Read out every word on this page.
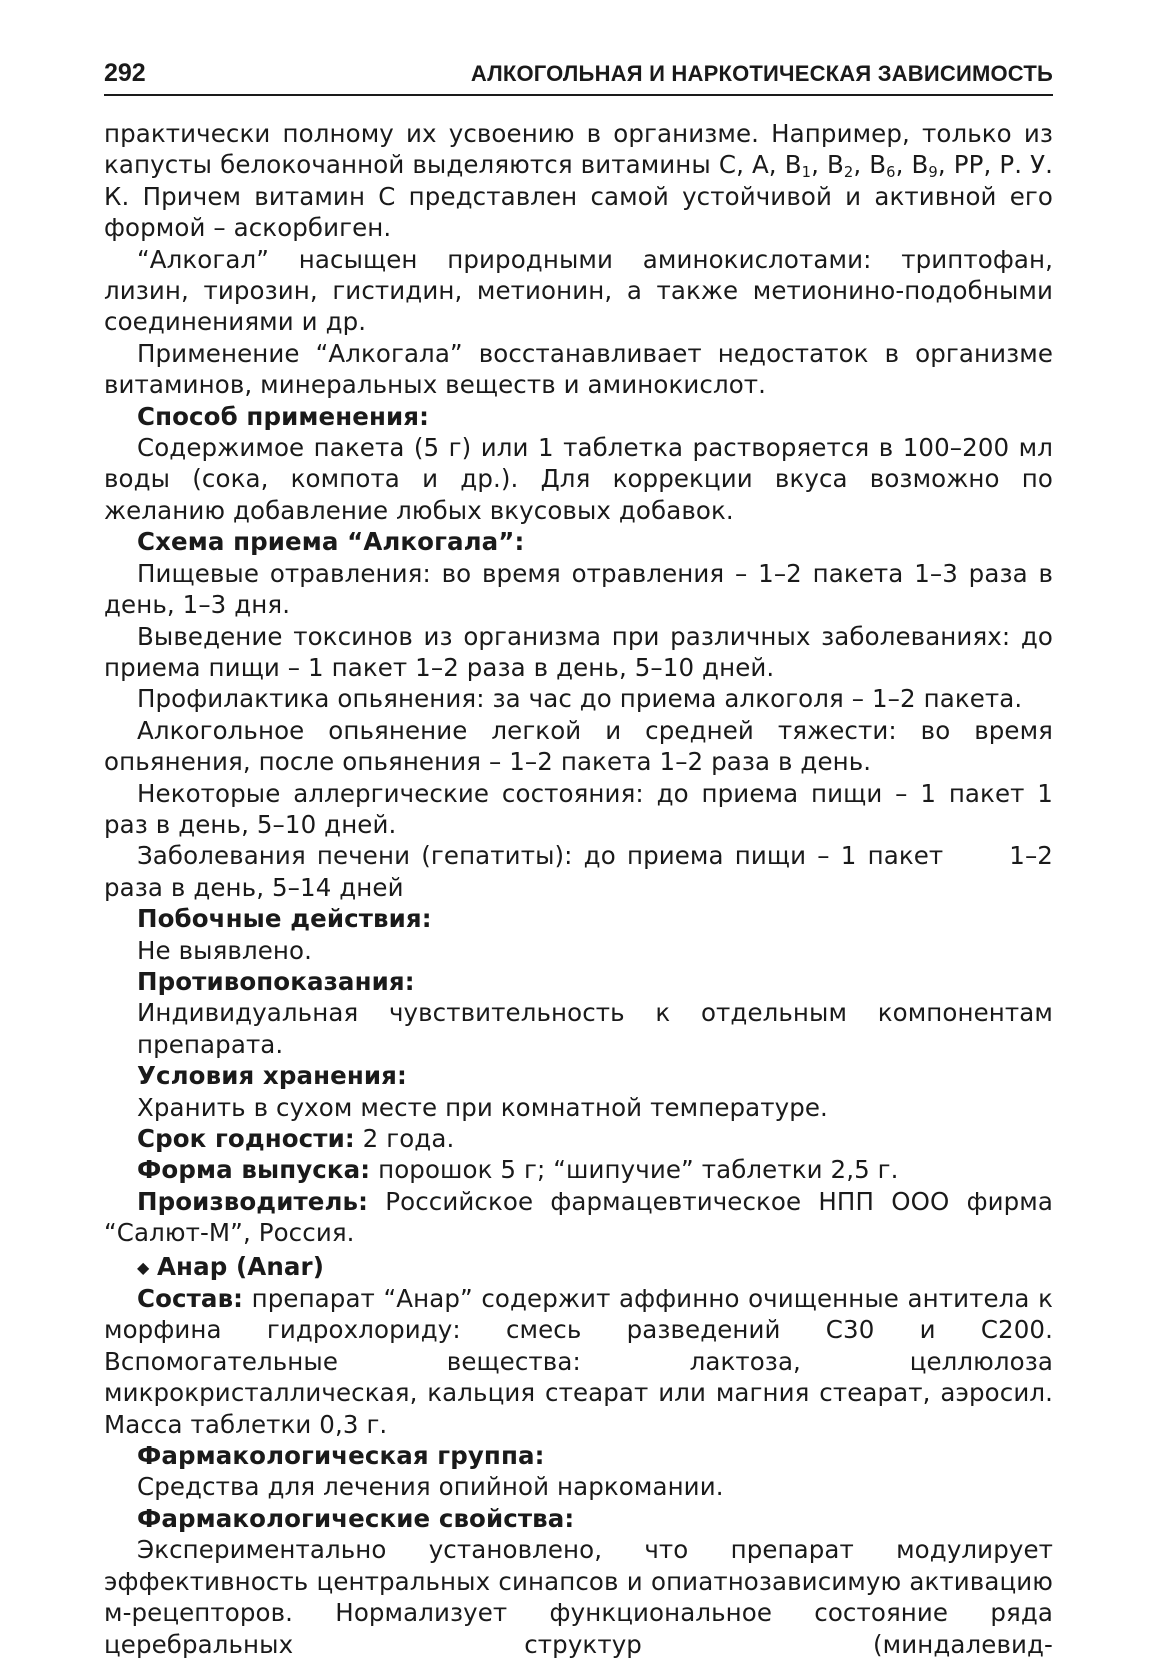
292	АЛКОГОЛЬНАЯ И НАРКОТИЧЕСКАЯ ЗАВИСИМОСТЬ

практически полному их усвоению в организме. Например, только из капусты белокочанной выделяются витамины С, А, $В_1$, $В_2$, $В_6$, $В_9$, РР, Р. У. К. Причем витамин С представлен самой устойчивой и активной его формой – аскорбиген.

“Алкогал” насыщен природными аминокислотами: триптофан, лизин, тирозин, гистидин, метионин, а также метионино-подобными соединениями и др.

Применение “Алкогала” восстанавливает недостаток в организме витаминов, минеральных веществ и аминокислот.

Способ применения:

Содержимое пакета (5 г) или 1 таблетка растворяется в 100–200 мл воды (сока, компота и др.). Для коррекции вкуса возможно по желанию добавление любых вкусовых добавок.

Схема приема “Алкогала”:

Пищевые отравления: во время отравления – 1–2 пакета 1–3 раза в день, 1–3 дня.

Выведение токсинов из организма при различных заболеваниях: до приема пищи – 1 пакет 1–2 раза в день, 5–10 дней.

Профилактика опьянения: за час до приема алкоголя – 1–2 пакета.

Алкогольное опьянение легкой и средней тяжести: во время опьянения, после опьянения – 1–2 пакета 1–2 раза в день.

Некоторые аллергические состояния: до приема пищи – 1 пакет 1 раз в день, 5–10 дней.

Заболевания печени (гепатиты): до приема пищи – 1 пакет	1–2 раза в день, 5–14 дней

Побочные действия:

Не выявлено.

Противопоказания:

Индивидуальная чувствительность к отдельным компонентам препарата.

Условия хранения:

Хранить в сухом месте при комнатной температуре.

Срок годности: 2 года.

Форма выпуска: порошок 5 г; “шипучие” таблетки 2,5 г.

Производитель: Российское фармацевтическое НПП ООО фирма “Салют-М”, Россия.

◆ Анар (Anar)

Состав: препарат “Анар” содержит аффинно очищенные антитела к морфина гидрохлориду: смесь разведений С30 и С200. Вспомогательные вещества: лактоза, целлюлоза микрокристаллическая, кальция стеарат или магния стеарат, аэросил. Масса таблетки 0,3 г.

Фармакологическая группа:

Средства для лечения опийной наркомании.

Фармакологические свойства:

Экспериментально установлено, что препарат модулирует эффективность центральных синапсов и опиатнозависимую активацию м-рецепторов. Нормализует функциональное состояние ряда церебральных структур (миндалевид-
